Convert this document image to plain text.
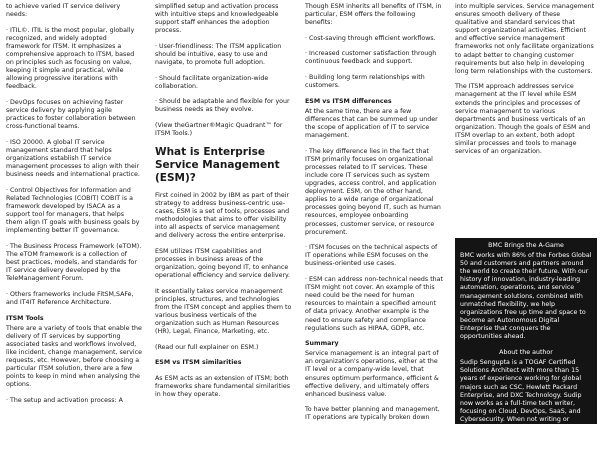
to achieve varied IT service delivery needs:

· ITIL©. ITIL is the most popular, globally recognized, and widely adopted framework for ITSM. It emphasizes a comprehensive approach to ITSM, based on principles such as focusing on value, keeping it simple and practical, while allowing progressive iterations with feedback.

· DevOps focuses on achieving faster service delivery by applying agile practices to foster collaboration between cross-functional teams.

· ISO 20000. A global IT service management standard that helps organizations establish IT service management processes to align with their business needs and international practice.

· Control Objectives for Information and Related Technologies (COBIT) COBIT is a framework developed by ISACA as a support tool for managers, that helps them align IT goals with business goals by implementing better IT governance.

· The Business Process Framework (eTOM). The eTOM framework is a collection of best practices, models, and standards for IT service delivery developed by the TeleManagement Forum.

· Others frameworks include FitSM,SAFe, and IT4IT Reference Architecture.

ITSM Tools

There are a variety of tools that enable the delivery of IT services by supporting associated tasks and workflows involved, like incident, change management, service requests, etc. However, before choosing a particular ITSM solution, there are a few points to keep in mind when analysing the options.

· The setup and activation process: A

simplified setup and activation process with intuitive steps and knowledgeable support staff enhances the adoption process.

· User-friendliness: The ITSM application should be intuitive, easy to use and navigate, to promote full adoption.

· Should facilitate organization-wide collaboration.

· Should be adaptable and flexible for your business needs as they evolve.

(View theGartner®Magic Quadrant™ for ITSM Tools.)

What is Enterprise Service Management (ESM)?

First coined in 2002 by IBM as part of their strategy to address business-centric use-cases, ESM is a set of tools, processes and methodologies that aims to offer visibility into all aspects of service management and delivery across the entire enterprise.

ESM utilizes ITSM capabilities and processes in business areas of the organization, going beyond IT, to enhance operational efficiency and service delivery.

It essentially takes service management principles, structures, and technologies from the ITSM concept and applies them to various business verticals of the organization such as Human Resources (HR), Legal, Finance, Marketing, etc.

(Read our full explainer on ESM.)

ESM vs ITSM similarities

As ESM acts as an extension of ITSM; both frameworks share fundamental similarities in how they operate.

Though ESM inherits all benefits of ITSM, in particular, ESM offers the following benefits:

· Cost-saving through efficient workflows.

· Increased customer satisfaction through continuous feedback and support.

· Building long term relationships with customers.

ESM vs ITSM differences

At the same time, there are a few differences that can be summed up under the scope of application of IT to service management.

· The key difference lies in the fact that ITSM primarily focuses on organizational processes related to IT services. These include core IT services such as system upgrades, access control, and application deployment. ESM, on the other hand, applies to a wide range of organizational processes going beyond IT, such as human resources, employee onboarding processes, customer service, or resource procurement.

· ITSM focuses on the technical aspects of IT operations while ESM focuses on the business-oriented use cases.

· ESM can address non-technical needs that ITSM might not cover. An example of this need could be the need for human resources to maintain a specified amount of data privacy. Another example is the need to ensure safety and compliance regulations such as HIPAA, GDPR, etc.

Summary

Service management is an integral part of an organization's operations, either at the IT level or a company-wide level, that ensures optimum performance, efficient & effective delivery, and ultimately offers enhanced business value.

To have better planning and management, IT operations are typically broken down

into multiple services. Service management ensures smooth delivery of these qualitative and standard services that support organizational activities. Efficient and effective service management frameworks not only facilitate organizations to adapt better to changing customer requirements but also help in developing long term relationships with the customers.

The ITSM approach addresses service management at the IT level while ESM extends the principles and processes of service management to various departments and business verticals of an organization. Though the goals of ESM and ITSM overlap to an extent, both adopt similar processes and tools to manage services of an organization.

BMC Brings the A-Game

BMC works with 86% of the Forbes Global 50 and customers and partners around the world to create their future. With our history of innovation, industry-leading automation, operations, and service management solutions, combined with unmatched flexibility, we help organizations free up time and space to become an Autonomous Digital Enterprise that conquers the opportunities ahead.

About the author

Sudip Sengupta is a TOGAF Certified Solutions Architect with more than 15 years of experience working for global majors such as CSC, Hewlett Packard Enterprise, and DXC Technology. Sudip now works as a full-time tech writer, focusing on Cloud, DevOps, SaaS, and Cybersecurity. When not writing or

Proud 2022 SM Conference Sponsors Click here
